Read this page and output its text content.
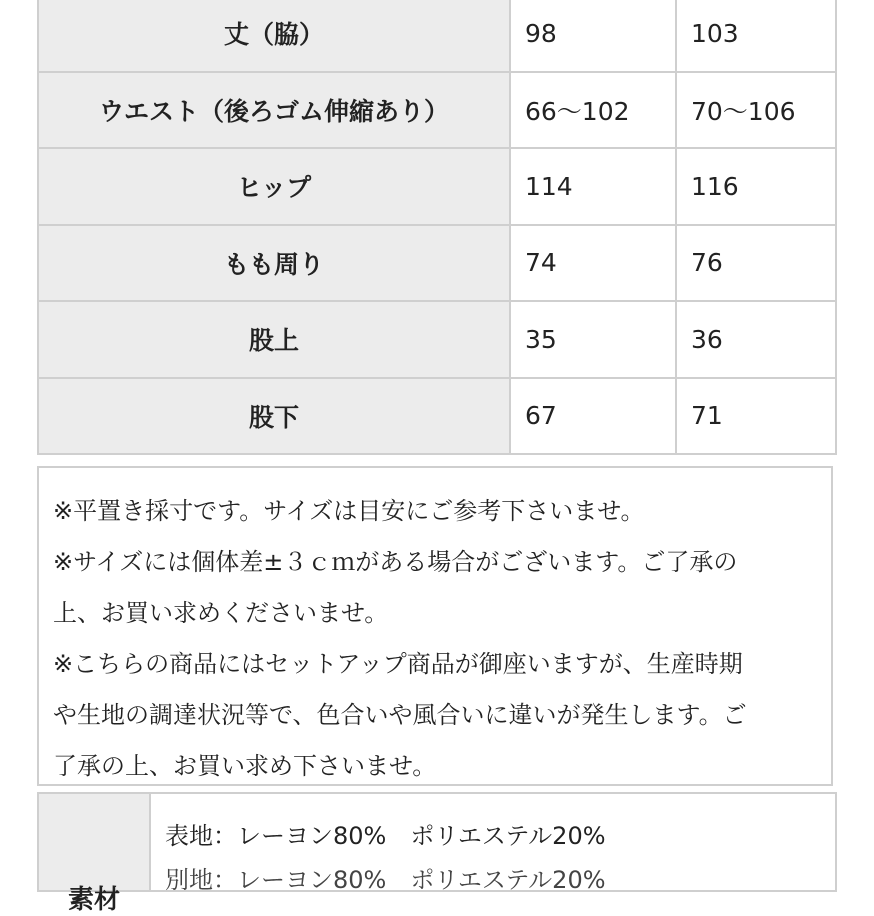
丈（脇）	98	103
ウエスト（後ろゴム伸縮あり）	66〜102	70〜106
ヒップ	114	116
もも周り	74	76
股上	35	36
股下	67	71
※平置き採寸です。サイズは目安にご参考下さいませ。
※サイズには個体差±３ｃｍがある場合がございます。ご了承の
上、お買い求めくださいませ。
※こちらの商品にはセットアップ商品が御座いますが、生産時期
や生地の調達状況等で、色合いや風合いに違いが発生します。ご
了承の上、お買い求め下さいませ。
素材
表地：レーヨン80%　ポリエステル20%
別地：レーヨン80%　ポリエステル20%
